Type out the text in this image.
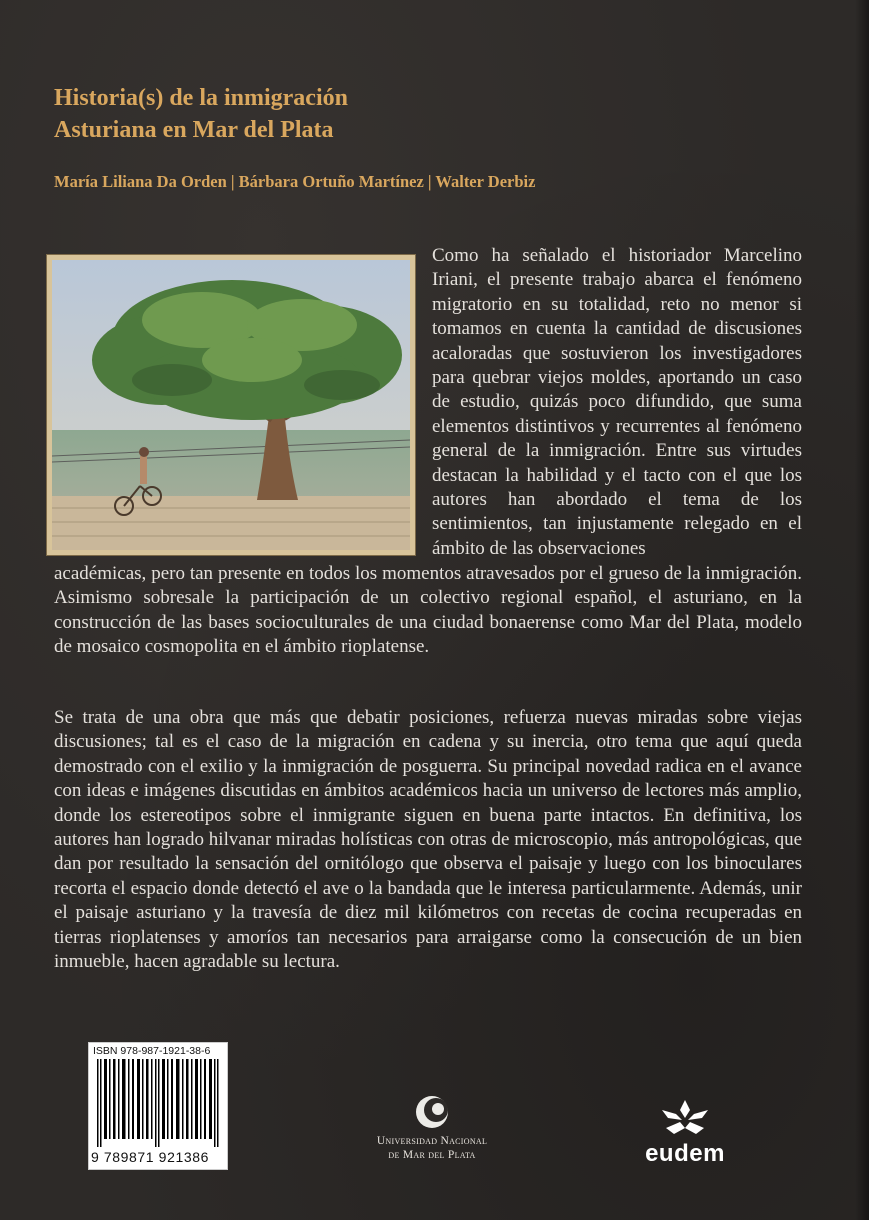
Historia(s) de la inmigración
Asturiana en Mar del Plata
María Liliana Da Orden | Bárbara Ortuño Martínez | Walter Derbiz

Como ha señalado el historiador Marcelino Iriani, el presente trabajo abarca el fenómeno migratorio en su totalidad, reto no menor si tomamos en cuenta la cantidad de discusiones acaloradas que sostuvieron los investigadores para quebrar viejos moldes, aportando un caso de estudio, quizás poco difundido, que suma elementos distintivos y recurrentes al fenómeno general de la inmigración. Entre sus virtudes destacan la habilidad y el tacto con el que los autores han abordado el tema de los sentimientos, tan injustamente relegado en el ámbito de las observaciones

académicas, pero tan presente en todos los momentos atravesados por el grueso de la inmigración. Asimismo sobresale la participación de un colectivo regional español, el asturiano, en la construcción de las bases socioculturales de una ciudad bonaerense como Mar del Plata, modelo de mosaico cosmopolita en el ámbito rioplatense.

Se trata de una obra que más que debatir posiciones, refuerza nuevas miradas sobre viejas discusiones; tal es el caso de la migración en cadena y su inercia, otro tema que aquí queda demostrado con el exilio y la inmigración de posguerra. Su principal novedad radica en el avance con ideas e imágenes discutidas en ámbitos académicos hacia un universo de lectores más amplio, donde los estereotipos sobre el inmigrante siguen en buena parte intactos. En definitiva, los autores han logrado hilvanar miradas holísticas con otras de microscopio, más antropológicas, que dan por resultado la sensación del ornitólogo que observa el paisaje y luego con los binoculares recorta el espacio donde detectó el ave o la bandada que le interesa particularmente. Además, unir el paisaje asturiano y la travesía de diez mil kilómetros con recetas de cocina recuperadas en tierras rioplatenses y amoríos tan necesarios para arraigarse como la consecución de un bien inmueble, hacen agradable su lectura.

ISBN 978-987-1921-38-6
9 789871 921386
Universidad Nacional
de Mar del Plata	eudem
